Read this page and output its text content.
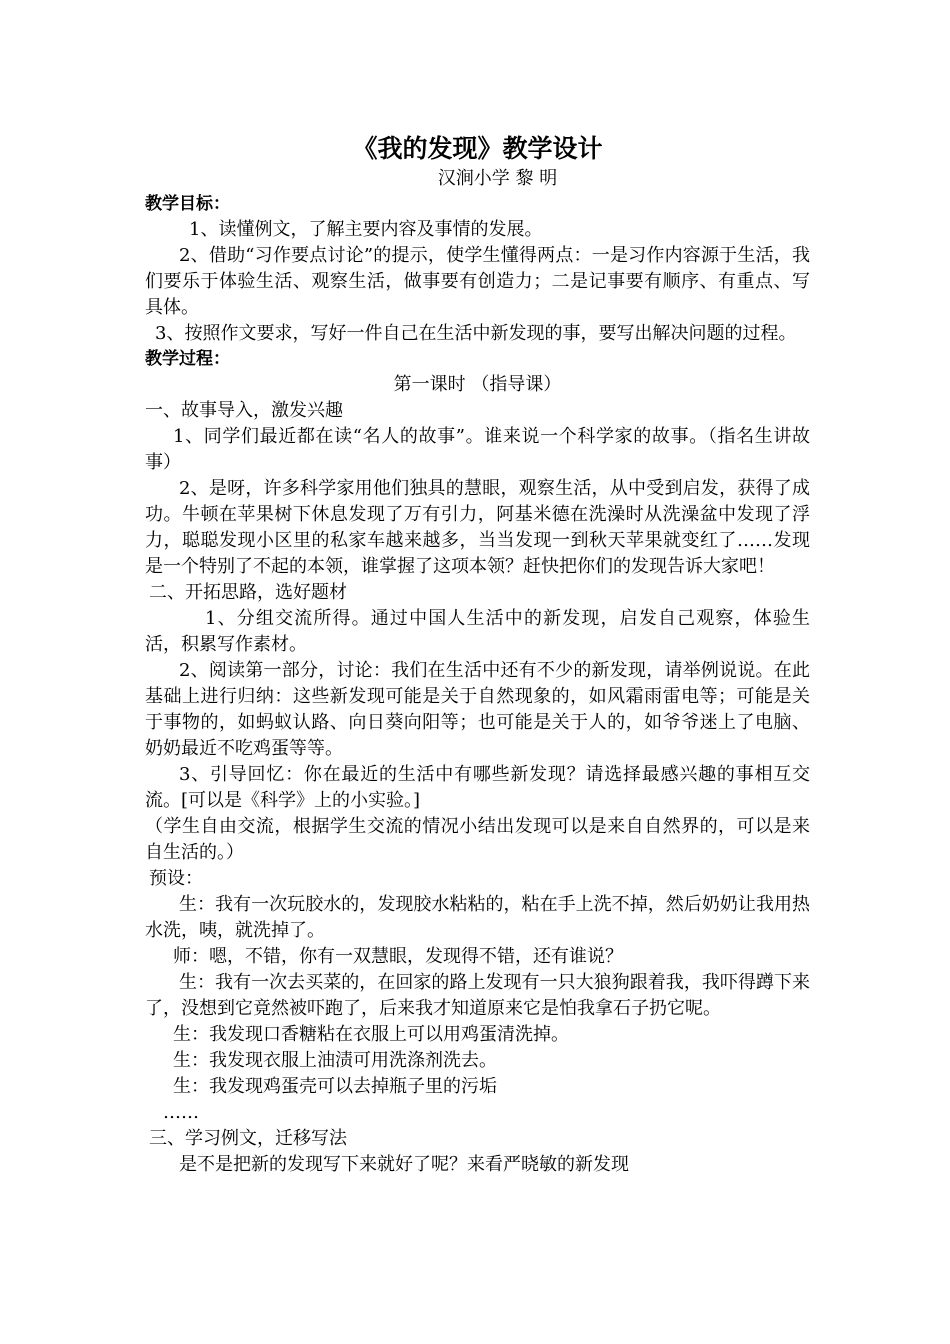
《我的发现》教学设计
汉涧小学 黎 明
教学目标：

1、读懂例文，了解主要内容及事情的发展。

2、借助“习作要点讨论”的提示，使学生懂得两点：一是习作内容源于生活，我们要乐于体验生活、观察生活，做事要有创造力；二是记事要有顺序、有重点、写具体。

3、按照作文要求，写好一件自己在生活中新发现的事，要写出解决问题的过程。

教学过程：

第一课时 （指导课）

一、故事导入，激发兴趣

1、同学们最近都在读“名人的故事”。谁来说一个科学家的故事。（指名生讲故事）

2、是呀，许多科学家用他们独具的慧眼，观察生活，从中受到启发，获得了成功。牛顿在苹果树下休息发现了万有引力，阿基米德在洗澡时从洗澡盆中发现了浮力，聪聪发现小区里的私家车越来越多，当当发现一到秋天苹果就变红了……发现是一个特别了不起的本领，谁掌握了这项本领？赶快把你们的发现告诉大家吧！

二、开拓思路，选好题材

1、分组交流所得。通过中国人生活中的新发现，启发自己观察，体验生活，积累写作素材。

2、阅读第一部分，讨论：我们在生活中还有不少的新发现，请举例说说。在此基础上进行归纳：这些新发现可能是关于自然现象的，如风霜雨雷电等；可能是关于事物的，如蚂蚁认路、向日葵向阳等；也可能是关于人的，如爷爷迷上了电脑、奶奶最近不吃鸡蛋等等。

3、引导回忆：你在最近的生活中有哪些新发现？请选择最感兴趣的事相互交流。[可以是《科学》上的小实验。]

（学生自由交流，根据学生交流的情况小结出发现可以是来自自然界的，可以是来自生活的。）

预设：

生：我有一次玩胶水的，发现胶水粘粘的，粘在手上洗不掉，然后奶奶让我用热水洗，咦，就洗掉了。

师：嗯，不错，你有一双慧眼，发现得不错，还有谁说？

生：我有一次去买菜的，在回家的路上发现有一只大狼狗跟着我，我吓得蹲下来了，没想到它竟然被吓跑了，后来我才知道原来它是怕我拿石子扔它呢。

生：我发现口香糖粘在衣服上可以用鸡蛋清洗掉。

生：我发现衣服上油渍可用洗涤剂洗去。

生：我发现鸡蛋壳可以去掉瓶子里的污垢

……

三、学习例文，迁移写法

是不是把新的发现写下来就好了呢？来看严晓敏的新发现
